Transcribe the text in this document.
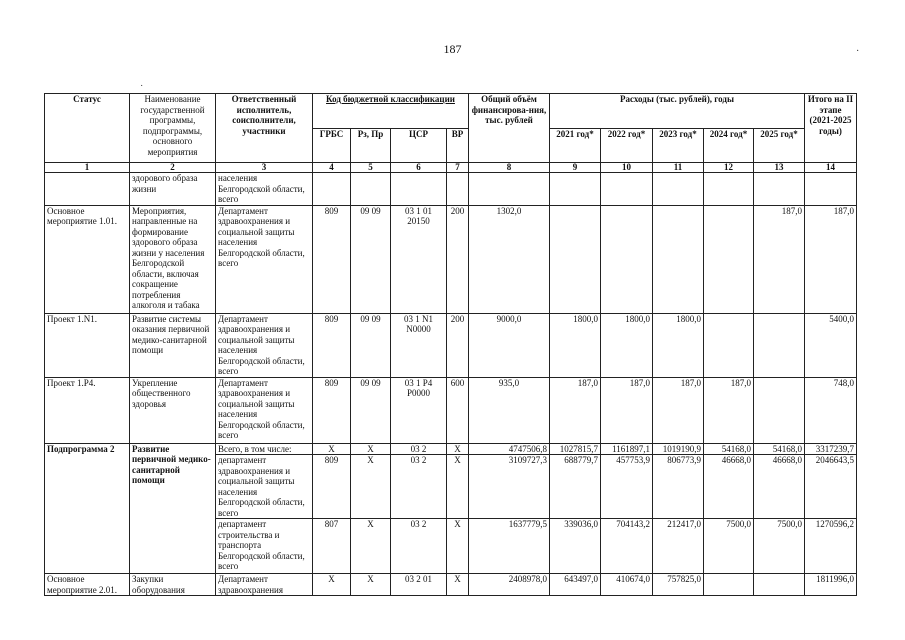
187
˙
·
Статус	Наименование государственной программы, подпрограммы, основного мероприятия	Ответственный исполнитель, соисполнители, участники	Код бюджетной классификации				Общий объём финансирова-ния, тыс. рублей	Расходы (тыс. рублей), годы					Итого на II этапе (2021-2025 годы)
			ГРБС	Рз, Пр	ЦСР	ВР		2021 год*	2022 год*	2023 год*	2024 год*	2025 год*	
1	2	3	4	5	6	7	8	9	10	11	12	13	14
	здорового образа жизни	населения Белгородской области, всего											
Основное мероприятие 1.01.	Мероприятия, направленные на формирование здорового образа жизни у населения Белгородской области, включая сокращение потребления алкоголя и табака	Департамент здравоохранения и социальной защиты населения Белгородской области, всего	809	09 09	03 1 01 20150	200	1302,0					187,0	187,0
Проект 1.N1.	Развитие системы оказания первичной медико-санитарной помощи	Департамент здравоохранения и социальной защиты населения Белгородской области, всего	809	09 09	03 1 N1 N0000	200	9000,0	1800,0	1800,0	1800,0			5400,0
Проект 1.Р4.	Укрепление общественного здоровья	Департамент здравоохранения и социальной защиты населения Белгородской области, всего	809	09 09	03 1 Р4 Р0000	600	935,0	187,0	187,0	187,0	187,0		748,0
Подпрограмма 2	Развитие первичной медико-санитарной помощи	Всего, в том числе:	Х	Х	03 2	Х	4747506,8	1027815,7	1161897,1	1019190,9	54168,0	54168,0	3317239,7
		департамент здравоохранения и социальной защиты населения Белгородской области, всего	809	Х	03 2	Х	3109727,3	688779,7	457753,9	806773,9	46668,0	46668,0	2046643,5
		департамент строительства и транспорта Белгородской области, всего	807	Х	03 2	Х	1637779,5	339036,0	704143,2	212417,0	7500,0	7500,0	1270596,2
Основное мероприятие 2.01.	Закупки оборудования	Департамент здравоохранения	Х	Х	03 2 01	Х	2408978,0	643497,0	410674,0	757825,0			1811996,0
